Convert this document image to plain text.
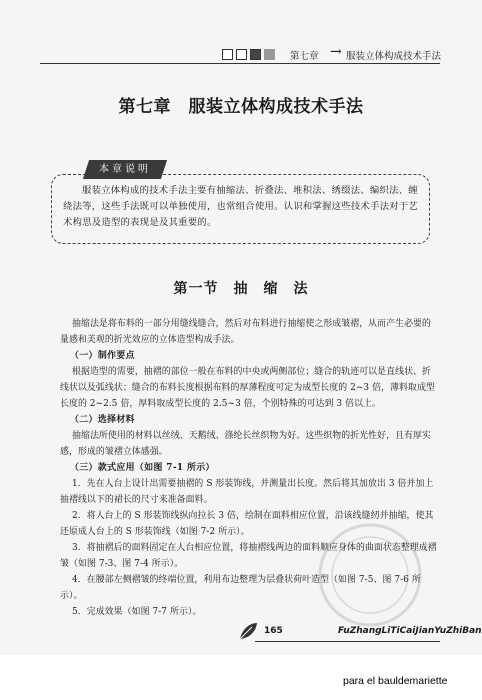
第七章 → 服装立体构成技术手法
第七章　服装立体构成技术手法
本章说明
服装立体构成的技术手法主要有抽缩法、折叠法、堆积法、绣缀法、编织法、缠绕法等，这些手法既可以单独使用，也常组合使用。认识和掌握这些技术手法对于艺术构思及造型的表现是及其重要的。
第一节　抽　缩　法

抽缩法是将布料的一部分用缝线缝合，然后对布料进行抽缩使之形成皱褶，从而产生必要的量感和美观的折光效应的立体造型构成手法。

（一）制作要点

根据造型的需要，抽褶的部位一般在布料的中央或两侧部位；缝合的轨迹可以是直线状、折线状以及弧线状；缝合的布料长度根据布料的厚薄程度可定为成型长度的 2~3 倍，薄料取成型长度的 2~2.5 倍，厚料取成型长度的 2.5~3 倍，个别特殊的可达到 3 倍以上。

（二）选择材料

抽缩法所使用的材料以丝绒、天鹅绒、涤纶长丝织物为好。这些织物的折光性好，且有厚实感，形成的皱褶立体感强。

（三）款式应用（如图 7-1 所示）

1．先在人台上设计出需要抽褶的 S 形装饰线，并测量出长度。然后将其加放出 3 倍并加上抽褶线以下的裙长的尺寸来准备面料。

2．将人台上的 S 形装饰线纵向拉长 3 倍，绘制在面料相应位置，沿该线缝纫并抽缩，使其还原成人台上的 S 形装饰线（如图 7-2 所示）。

3．将抽褶后的面料固定在人台相应位置，将抽褶线两边的面料顺应身体的曲面状态整理成褶皱（如图 7-3、图 7-4 所示）。

4．在腰部左侧褶皱的终端位置，利用布边整理为层叠状荷叶造型（如图 7-5、图 7-6 所示）。

5．完成效果（如图 7-7 所示）。

165	FuZhangLiTiCaiJianYuZhiBan
para el bauldemariette
